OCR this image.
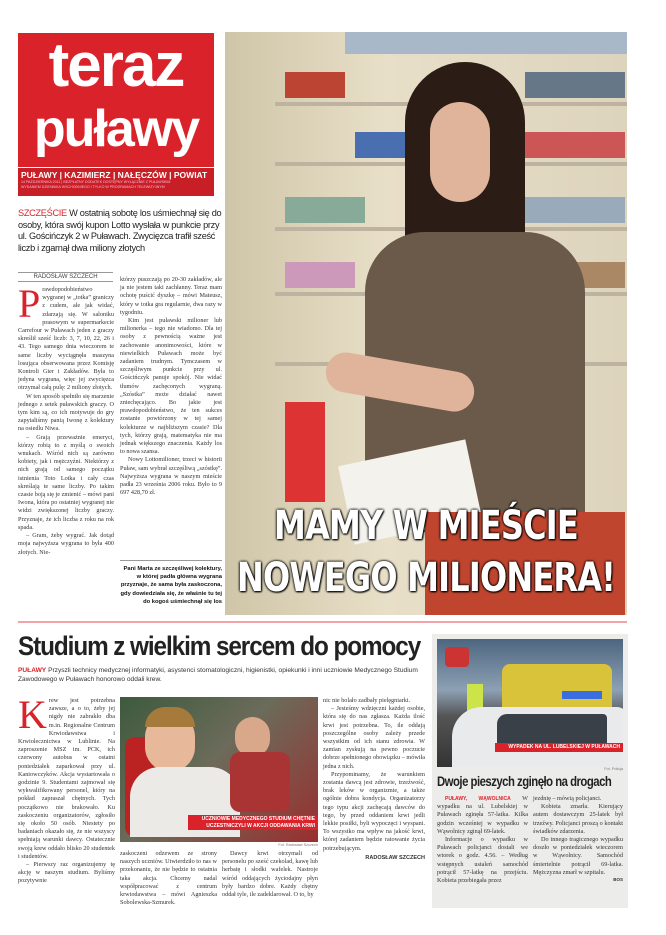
teraz
puławy
PUŁAWY | KAZIMIERZ | NAŁĘCZÓW | POWIAT
14 PAŹDZIERNIKA 2011 | BEZPŁATNY DODATEK DOSTĘPNY WYŁĄCZNIE Z PUŁAWSKIM
WYDANIEM DZIENNIKA WSCHODNIEGO I TYLKO W PROGRAMACH TELEWIZYJNYM
SZCZĘŚCIE W ostatnią sobotę los uśmiechnął się do osoby, która swój kupon Lotto wysłała w punkcie przy ul. Gościńczyk 2 w Puławach. Zwycięzca trafił sześć liczb i zgarnął dwa miliony złotych
RADOSŁAW SZCZECH
P rawdopodobieństwo wygranej w „totka” graniczy z cudem, ale jak widać, zdarzają się. W saloniku prasowym w supermarkecie Carrefour w Puławach jeden z graczy skreślił sześć liczb: 3, 7, 10, 22, 26 i 43. Tego samego dnia wieczorem te same liczby wyciągnęła maszyna losująca obserwowana przez Komisję Kontroli Gier i Zakładów. Była to jedyna wygrana, więc jej zwycięzca otrzymał całą pulę: 2 miliony złotych.

W ten sposób spełniło się marzenie jednego z setek puławskich graczy. O tym kim są, co ich motywuje do gry zapytaliśmy panią Iwonę z kolektury na osiedlu Niwa.

– Grają przeważnie emeryci, którzy robią to z myślą o swoich wnukach. Wśród nich są zarówno kobiety, jak i mężczyźni. Niektórzy z nich grają od samego początku istnienia Toto Lotka i cały czas skreślają te same liczby. Po takim czasie boją się je zmienić – mówi pani Iwona, która po ostatniej wygranej nie widzi zwiększonej liczby graczy. Przyznaje, że ich liczba z roku na rok spada.

– Gram, żeby wygrać. Jak dotąd moja najwyższa wygrana to była 400 złotych. Nie-

którzy puszczają po 20-30 zakładów, ale ja nie jestem taki zachłanny. Teraz mam ochotę puścić dyszkę – mówi Mateusz, który w totka gra regularnie, dwa razy w tygodniu.

Kim jest puławski milioner lub milionerka – tego nie wiadomo. Dla tej osoby z pewnością ważne jest zachowanie anonimowości, które w niewielkich Puławach może być zadaniem trudnym. Tymczasem w szczęśliwym punkcie przy ul. Gościńczyk panuje spokój. Nie widać tłumów zachęconych wygraną. „Szóstka” może działać nawet zniechęcająco. Bo jakie jest prawdopodobieństwo, że ten sukces zostanie powtórzony w tej samej kolekturze w najbliższym czasie? Dla tych, którzy grają, matematyka nie ma jednak większego znaczenia. Każdy los to nowa szansa.

Nowy Lottomilioner, trzeci w historii Puław, sam wybrał szczęśliwą „szóstkę”. Najwyższa wygrana w naszym mieście padła 23 września 2006 roku. Było to 9 697 428,70 zł.

Pani Marta ze szczęśliwej kolektury, w której padła główna wygrana przyznaje, że sama była zaskoczona, gdy dowiedziała się, że właśnie tu tej do kogoś uśmiechnął się los
MAMY W MIEŚCIE
NOWEGO MILIONERA!
Studium z wielkim sercem do pomocy
PUŁAWY Przyszli technicy medycznej informatyki, asystenci stomatologiczni, higienistki, opiekunki i inni uczniowie Medycznego Studium Zawodowego w Puławach honorowo oddali krew.
K rew jest potrzebna zawsze, a o to, żeby jej nigdy nie zabrakło dba m.in. Regionalne Centrum Krwiodawstwa i Krwiolecznictwa w Lublinie. Na zaproszenie MSZ im. PCK, ich czerwony autobus w ostatni poniedziałek zaparkował przy ul. Kaniowczyków. Akcja wystartowała o godzinie 9. Studentami zajmował się wykwalifikowany personel, który na pokład zapraszał chętnych. Tych początkowo nie brakowało. Ku zaskoczeniu organizatorów, zgłosiło się około 50 osób. Niestety po badaniach okazało się, że nie wszyscy spełniają warunki dawcy. Ostatecznie swoją krew oddało blisko 20 studentek i studentów.

– Pierwszy raz organizujemy tę akcję w naszym studium. Byliśmy pozytywnie

UCZNIOWIE MEDYCZNEGO STUDIUM CHĘTNIE UCZESTNICZYLI W AKCJI ODDAWANIA KRWI
Fot. Radosław Szczech

zaskoczeni odzewem ze strony naszych uczniów. Utwierdziło to nas w przekonaniu, że nie będzie to ostatnia taka akcja. Chcemy nadal współpracować z centrum krwiodawstwa – mówi Agnieszka Sobolewska-Szmurek.

Dawcy krwi otrzymali od personelu po sześć czekolad, kawę lub herbatę i słodki wafelek. Nastroje wśród oddających życiodajny płyn były bardzo dobre. Każdy chętny oddał tyle, ile zadeklarował. O to, by

nic nie bolało zadbały pielęgniarki.

– Jesteśmy wdzięczni każdej osobie, która się do nas zgłasza. Każda ilość krwi jest potrzebna. To, ile oddają poszczególne osoby zależy przede wszystkim od ich stanu zdrowia. W zamian zyskują na pewno poczucie dobrze spełnionego obowiązku – mówiła jedna z nich.

Przypominamy, że warunkiem zostania dawcą jest zdrowie, trzeźwość, brak leków w organizmie, a także ogólnie dobra kondycja. Organizatorzy tego typu akcji zachęcają dawców do tego, by przed oddaniem krwi jedli lekkie posiłki, byli wypoczęci i wyspani. To wszystko ma wpływ na jakość krwi, której zadaniem będzie ratowanie życia potrzebującym.

RADOSŁAW SZCZECH
WYPADEK NA UL. LUBELSKIEJ W PUŁAWACH
Fot. Policja
Dwoje pieszych zginęło na drogach

PUŁAWY, WĄWOLNICA W wypadku na ul. Lubelskiej w Puławach zginęła 57-latka. Kilka godzin wcześniej w wypadku w Wąwolnicy zginął 69-latek.

Informacje o wypadku w Puławach policjanci dostali we wtorek o godz. 4.56. – Według wstępnych ustaleń samochód potrącił 57-latkę na przejściu. Kobieta przebiegała przez

jezdnię – mówią policjanci.

Kobieta zmarła. Kierujący autem dostawczym 25-latek był trzeźwy. Policjanci proszą o kontakt świadków zdarzenia.

Do innego tragicznego wypadku doszło w poniedziałek wieczorem w Wąwolnicy. Samochód śmiertelnie potrącił 69-latka. Mężczyzna zmarł w szpitalu.

BOS
